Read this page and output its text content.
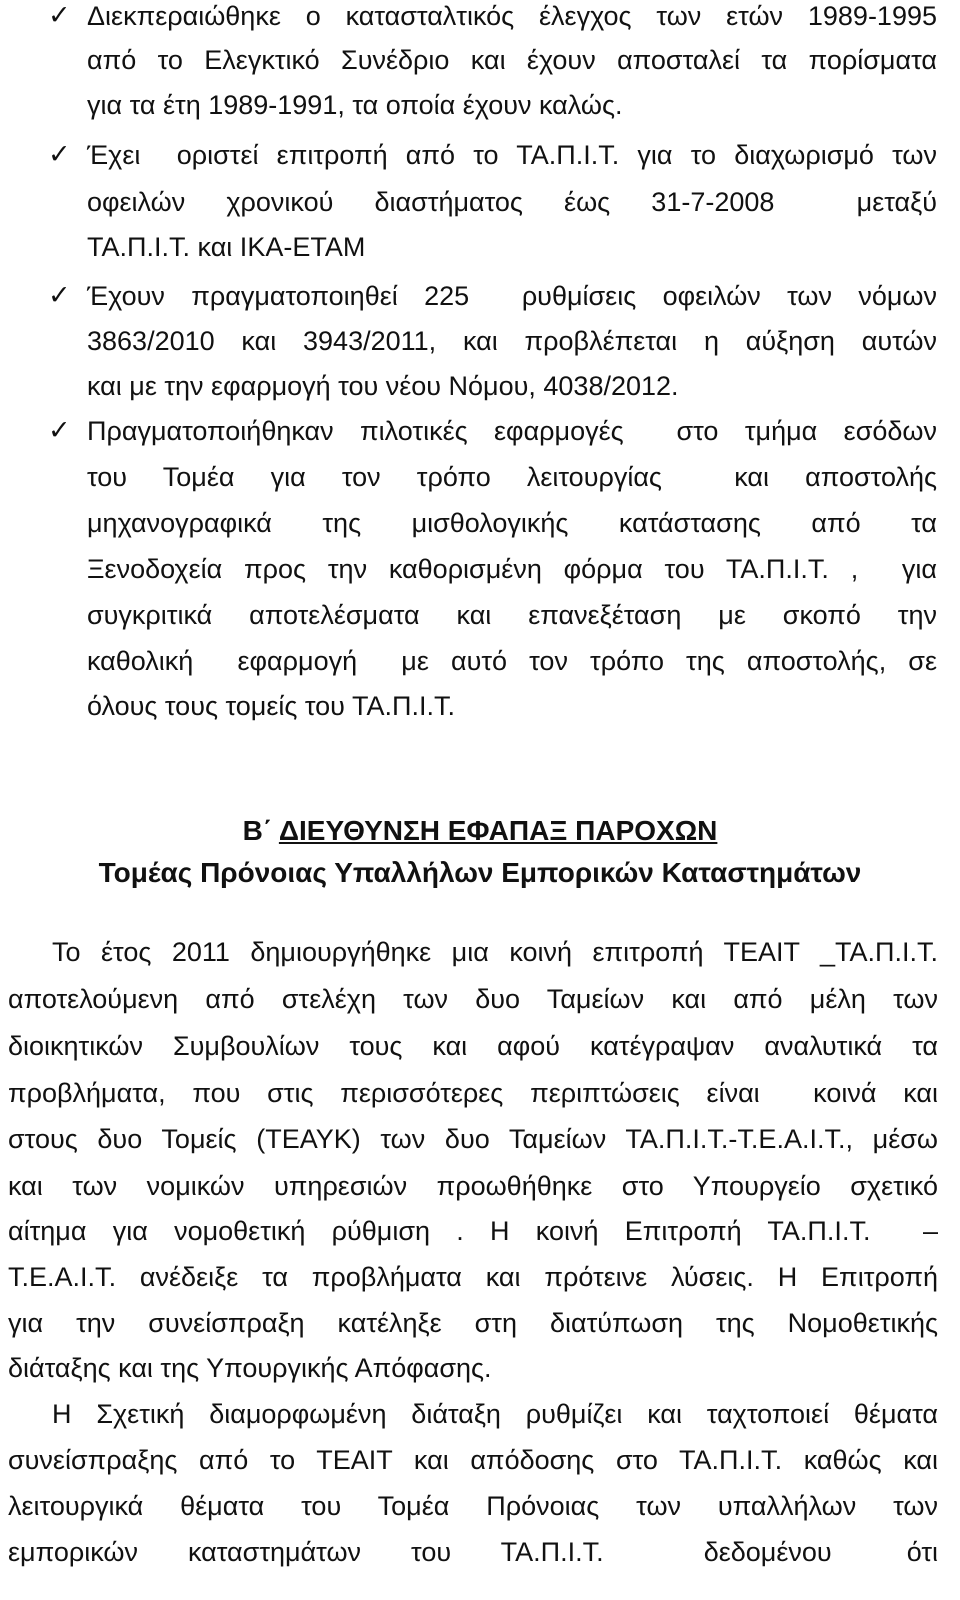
✓ Διεκπεραιώθηκε ο κατασταλτικός έλεγχος των ετών 1989-1995
από το Ελεγκτικό Συνέδριο και έχουν αποσταλεί τα πορίσματα
για τα έτη 1989-1991, τα οποία έχουν καλώς.
✓ Έχει  οριστεί επιτροπή από το ΤΑ.Π.Ι.Τ. για το διαχωρισμό των
οφειλών  χρονικού  διαστήματος  έως  31-7-2008    μεταξύ
ΤΑ.Π.Ι.Τ. και ΙΚΑ-ΕΤΑΜ
✓ Έχουν πραγματοποιηθεί 225  ρυθμίσεις οφειλών των νόμων
3863/2010 και 3943/2011, και προβλέπεται η αύξηση αυτών
και με την εφαρμογή του νέου Νόμου, 4038/2012.
✓ Πραγματοποιήθηκαν πιλοτικές εφαρμογές  στο τμήμα εσόδων
του  Τομέα  για  τον  τρόπο  λειτουργίας    και  αποστολής
μηχανογραφικά  της  μισθολογικής  κατάστασης  από  τα
Ξενοδοχεία προς την καθορισμένη φόρμα του ΤΑ.Π.Ι.Τ. ,  για
συγκριτικά  αποτελέσματα  και  επανεξέταση  με  σκοπό  την
καθολική  εφαρμογή  με αυτό τον τρόπο της αποστολής, σε
όλους τους τομείς του ΤΑ.Π.Ι.Τ.
Β΄ ΔΙΕΥΘΥΝΣΗ ΕΦΑΠΑΞ ΠΑΡΟΧΩΝ
Τομέας Πρόνοιας Υπαλλήλων Εμπορικών Καταστημάτων
Το έτος 2011 δημιουργήθηκε μια κοινή επιτροπή ΤΕΑΙΤ _ΤΑ.Π.Ι.Τ.
αποτελούμενη από στελέχη των δυο Ταμείων και από μέλη των
διοικητικών Συμβουλίων τους και αφού κατέγραψαν αναλυτικά τα
προβλήματα, που στις περισσότερες περιπτώσεις είναι  κοινά και
στους δυο Τομείς (ΤΕΑΥΚ) των δυο Ταμείων ΤΑ.Π.Ι.Τ.-Τ.Ε.Α.Ι.Τ., μέσω
και των νομικών υπηρεσιών προωθήθηκε στο Υπουργείο σχετικό
αίτημα για νομοθετική ρύθμιση . Η κοινή Επιτροπή ΤΑ.Π.Ι.Τ.  –
Τ.Ε.Α.Ι.Τ. ανέδειξε τα προβλήματα και πρότεινε λύσεις. Η Επιτροπή
για την συνείσπραξη κατέληξε στη διατύπωση της Νομοθετικής
διάταξης και της Υπουργικής Απόφασης.
Η Σχετική διαμορφωμένη διάταξη ρυθμίζει και ταχτοποιεί θέματα
συνείσπραξης από το ΤΕΑΙΤ και απόδοσης στο ΤΑ.Π.Ι.Τ. καθώς και
λειτουργικά  θέματα  του  Τομέα  Πρόνοιας  των  υπαλλήλων  των
εμπορικών  καταστημάτων  του  ΤΑ.Π.Ι.Τ.    δεδομένου   ότι
